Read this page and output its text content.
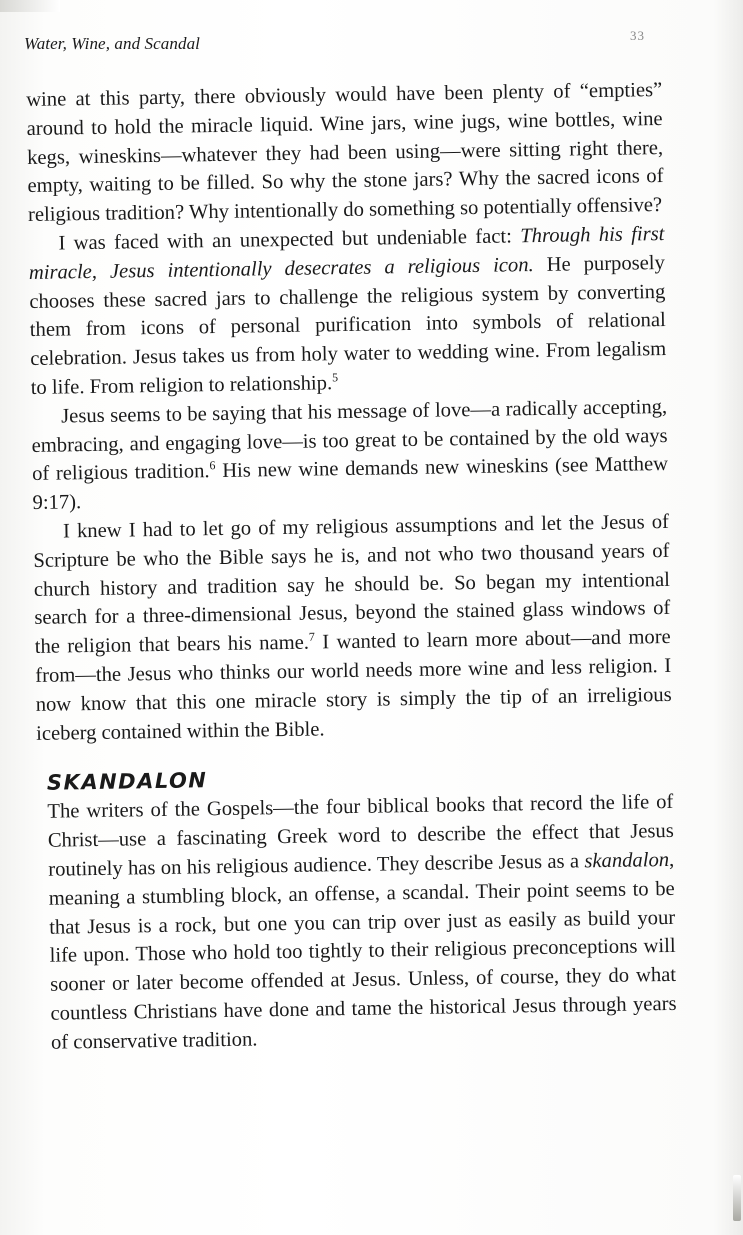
Water, Wine, and Scandal	33

wine at this party, there obviously would have been plenty of “empties” around to hold the miracle liquid. Wine jars, wine jugs, wine bottles, wine kegs, wineskins—whatever they had been using—were sitting right there, empty, waiting to be filled. So why the stone jars? Why the sacred icons of religious tradition? Why intentionally do something so potentially offensive?

I was faced with an unexpected but undeniable fact: Through his first miracle, Jesus intentionally desecrates a religious icon. He purposely chooses these sacred jars to challenge the religious system by converting them from icons of personal purification into symbols of relational celebration. Jesus takes us from holy water to wedding wine. From legalism to life. From religion to relationship.$^5$

Jesus seems to be saying that his message of love—a radically accepting, embracing, and engaging love—is too great to be contained by the old ways of religious tradition.$^6$ His new wine demands new wineskins (see Matthew 9:17).

I knew I had to let go of my religious assumptions and let the Jesus of Scripture be who the Bible says he is, and not who two thousand years of church history and tradition say he should be. So began my intentional search for a three-dimensional Jesus, beyond the stained glass windows of the religion that bears his name.$^7$ I wanted to learn more about—and more from—the Jesus who thinks our world needs more wine and less religion. I now know that this one miracle story is simply the tip of an irreligious iceberg contained within the Bible.

SKANDALON

The writers of the Gospels—the four biblical books that record the life of Christ—use a fascinating Greek word to describe the effect that Jesus routinely has on his religious audience. They describe Jesus as a skandalon, meaning a stumbling block, an offense, a scandal. Their point seems to be that Jesus is a rock, but one you can trip over just as easily as build your life upon. Those who hold too tightly to their religious preconceptions will sooner or later become offended at Jesus. Unless, of course, they do what countless Christians have done and tame the historical Jesus through years of conservative tradition.
